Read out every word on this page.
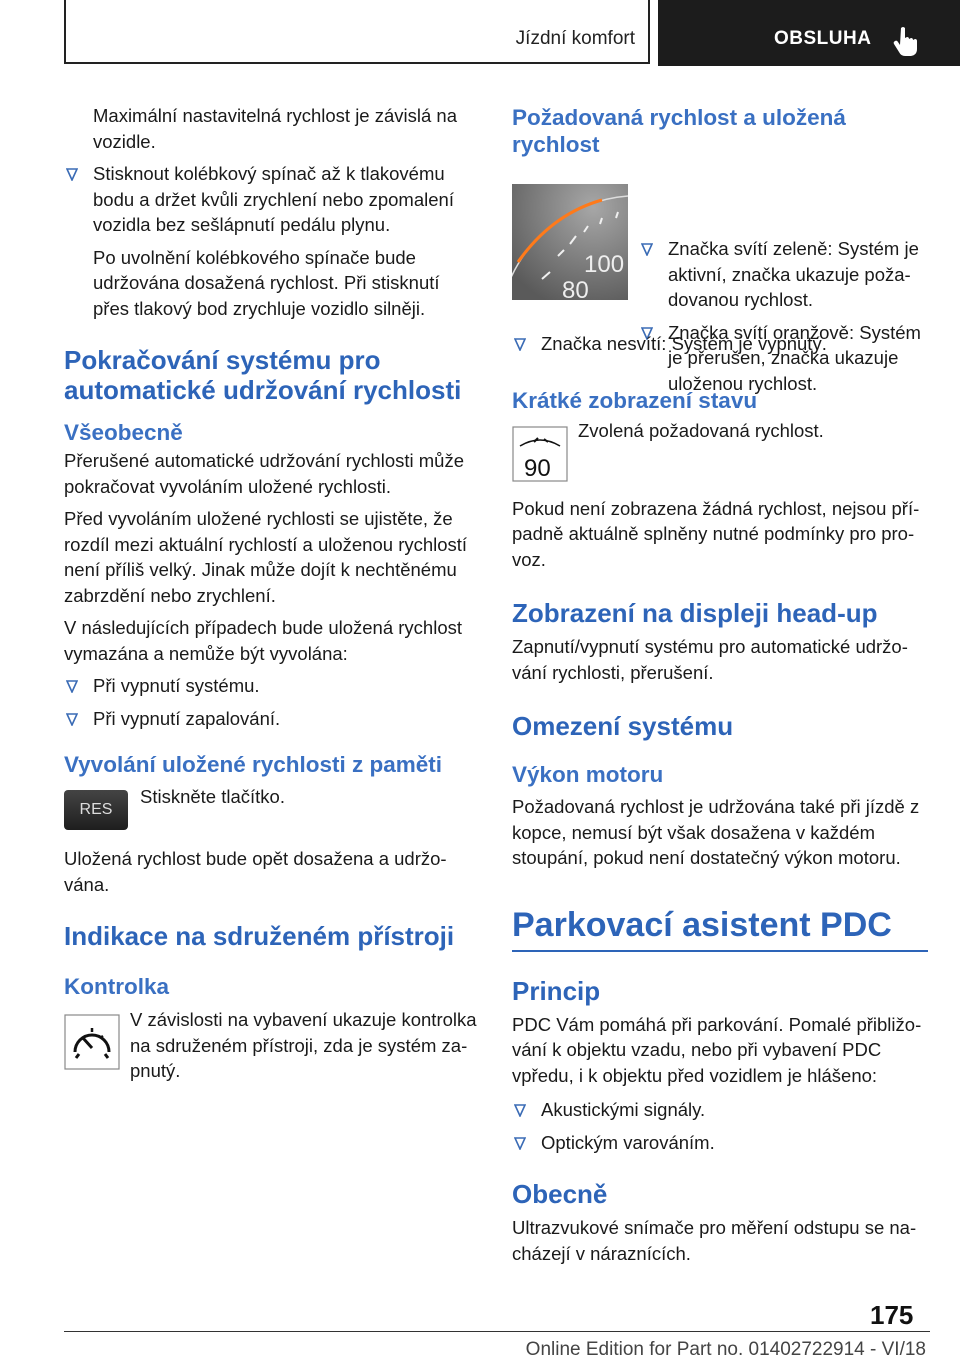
Jízdní komfort	OBSLUHA

Maximální nastavitelná rychlost je závislá na vozidle.

Stisknout kolébkový spínač až k tlakovému bodu a držet kvůli zrychlení nebo zpomalení vozidla bez sešlápnutí pedálu plynu.

Po uvolnění kolébkového spínače bude udržována dosažená rychlost. Při stisknutí přes tlakový bod zrychluje vozidlo silněji.

Pokračování systému pro automatické udržování rychlosti
Všeobecně

Přerušené automatické udržování rychlosti může pokračovat vyvoláním uložené rychlosti.

Před vyvoláním uložené rychlosti se ujistěte, že rozdíl mezi aktuální rychlostí a uloženou rychlostí není příliš velký. Jinak může dojít k nechtěnému zabrzdění nebo zrychlení.

V následujících případech bude uložená rychlost vymazána a nemůže být vyvolána:

Při vypnutí systému.
Při vypnutí zapalování.
Vyvolání uložené rychlosti z paměti
RES
Stiskněte tlačítko.

Uložená rychlost bude opět dosažena a udržována.

Indikace na sdruženém přístroji
Kontrolka
V závislosti na vybavení ukazuje kontrolka na sdruženém přístroji, zda je systém zapnutý.
Požadovaná rychlost a uložená rychlost
100
80
Značka svítí zeleně: Systém je aktivní, značka ukazuje požadovanou rychlost.
Značka svítí oranžově: Systém je přerušen, značka ukazuje uloženou rychlost.
Značka nesvítí: Systém je vypnutý.
Krátké zobrazení stavu
90
Zvolená požadovaná rychlost.

Pokud není zobrazena žádná rychlost, nejsou případně aktuálně splněny nutné podmínky pro provoz.

Zobrazení na displeji head-up

Zapnutí/vypnutí systému pro automatické udržování rychlosti, přerušení.

Omezení systému
Výkon motoru

Požadovaná rychlost je udržována také při jízdě z kopce, nemusí být však dosažena v každém stoupání, pokud není dostatečný výkon motoru.

Parkovací asistent PDC
Princip

PDC Vám pomáhá při parkování. Pomalé přibližování k objektu vzadu, nebo při vybavení PDC vpředu, i k objektu před vozidlem je hlášeno:

Akustickými signály.
Optickým varováním.
Obecně

Ultrazvukové snímače pro měření odstupu se nacházejí v náraznících.

175
Online Edition for Part no. 01402722914 - VI/18
